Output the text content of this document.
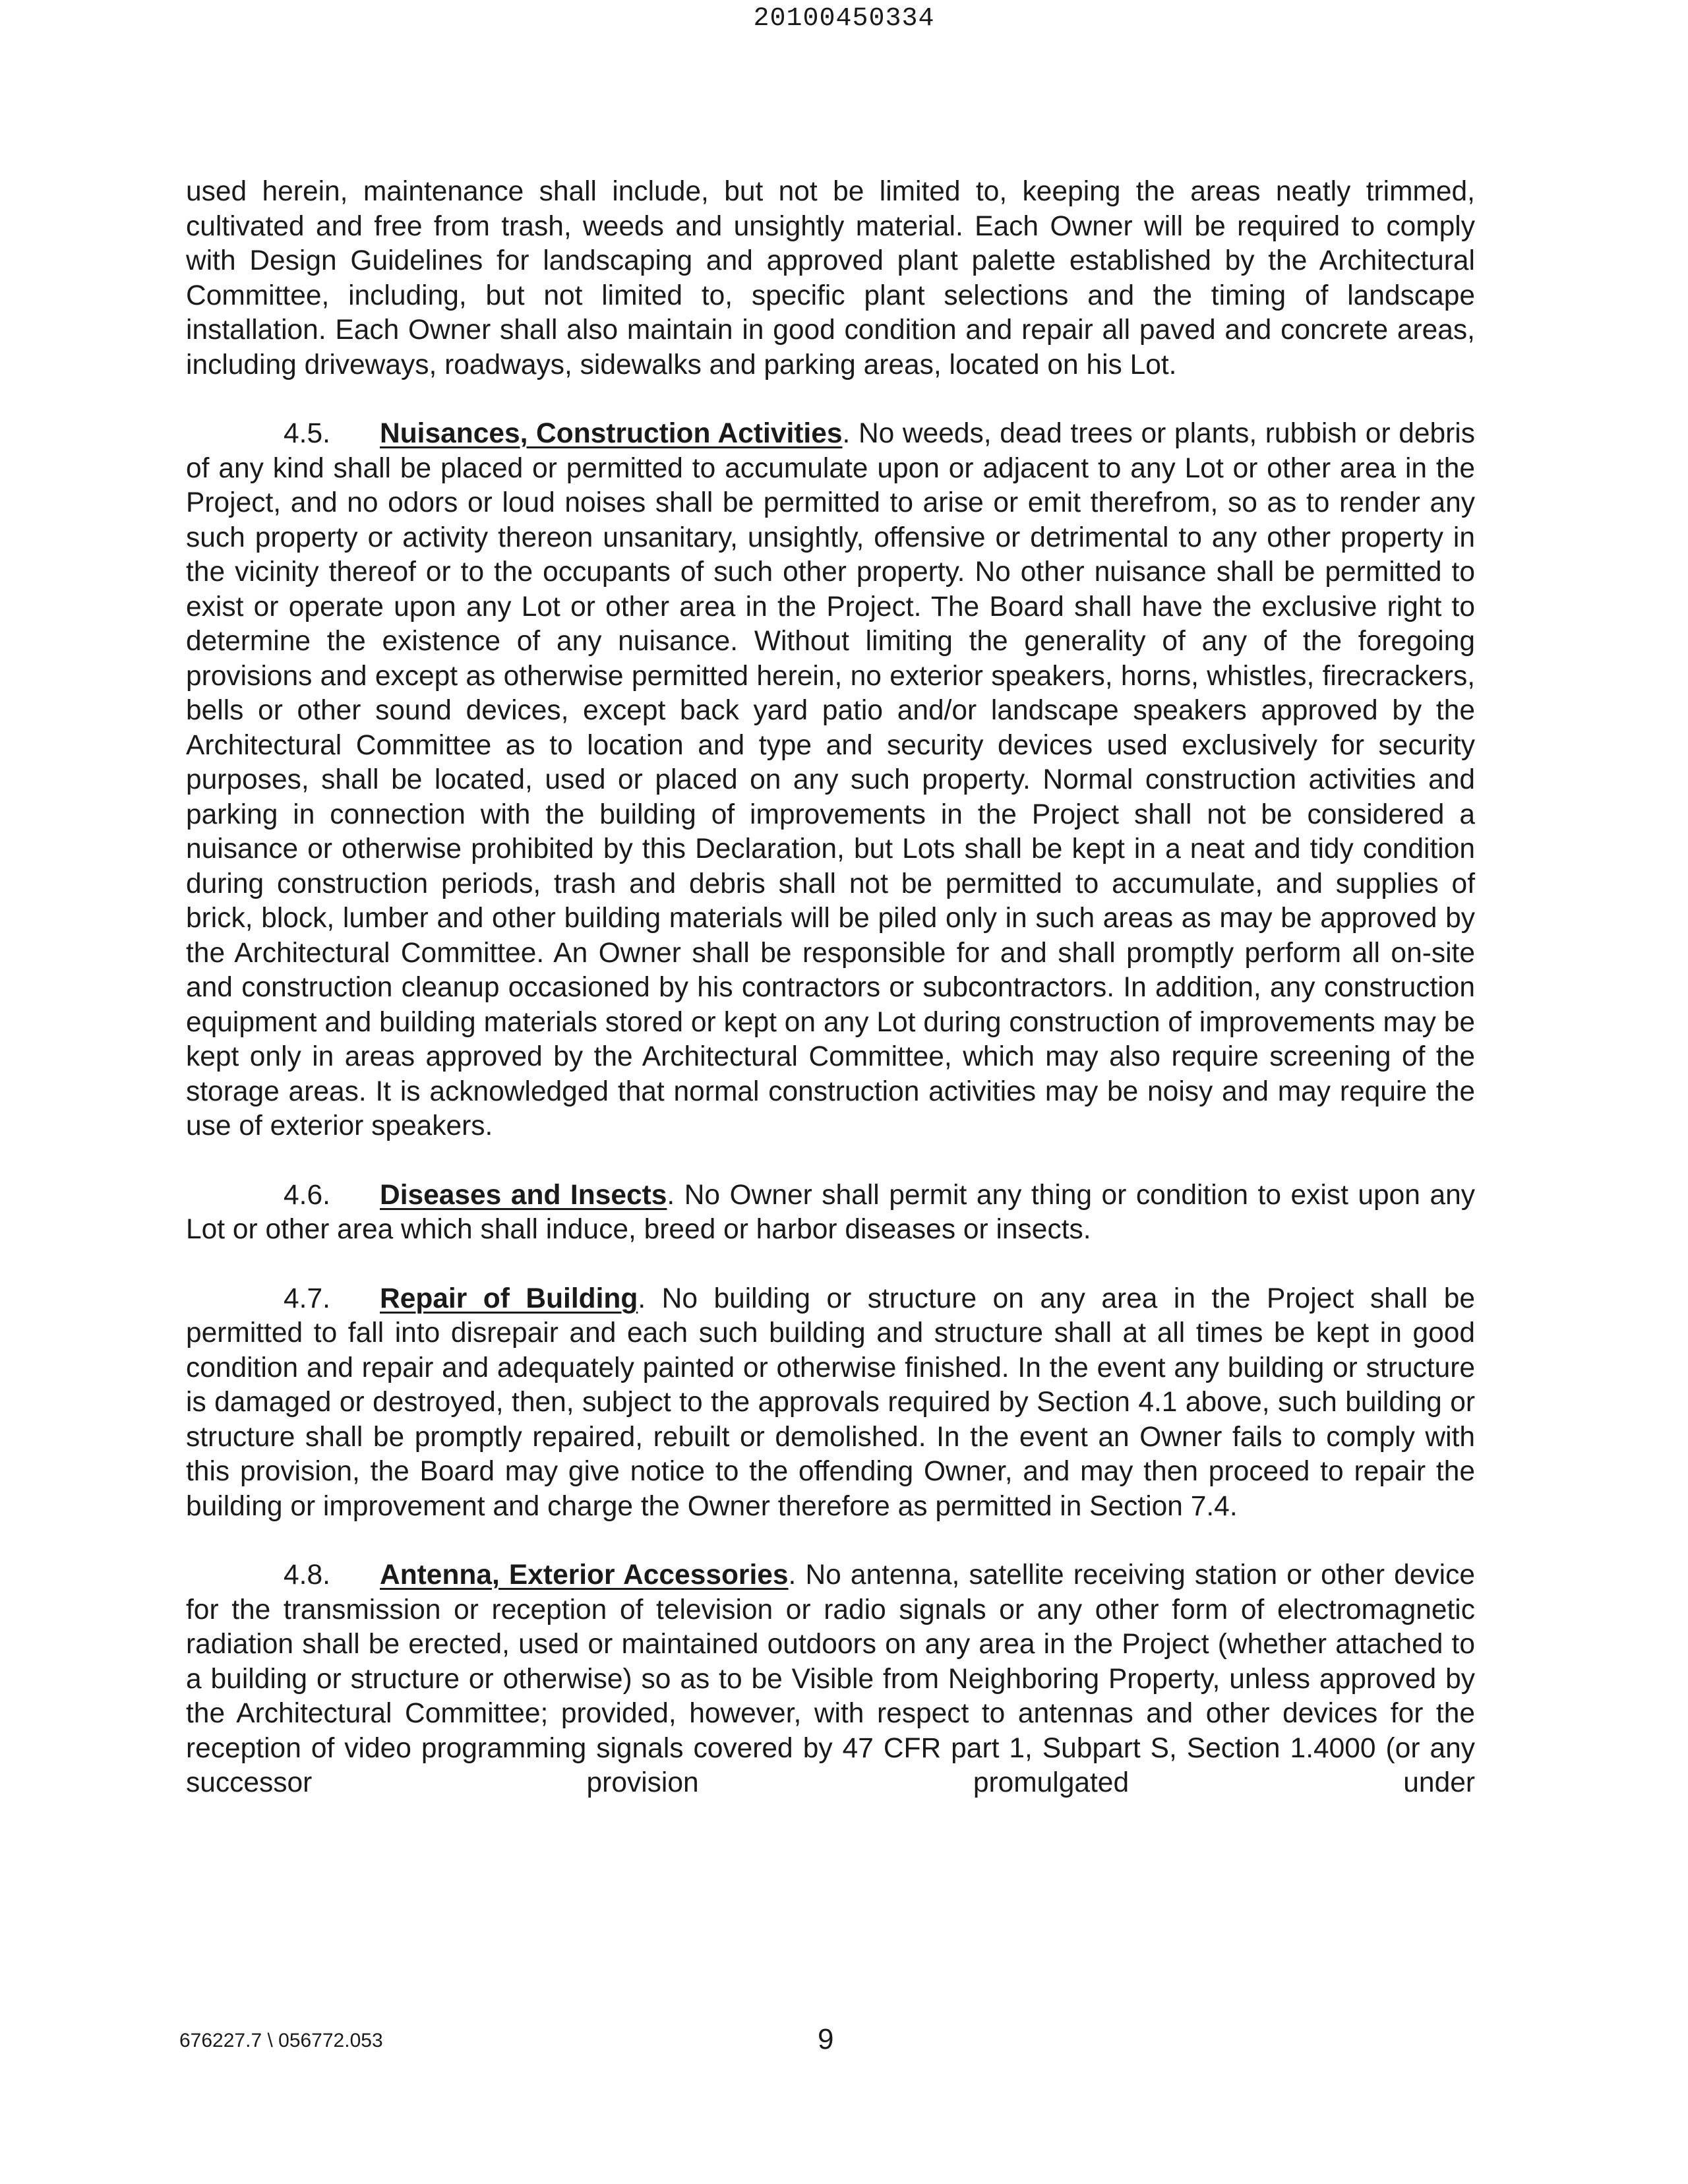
20100450334

used herein, maintenance shall include, but not be limited to, keeping the areas neatly trimmed, cultivated and free from trash, weeds and unsightly material. Each Owner will be required to comply with Design Guidelines for landscaping and approved plant palette established by the Architectural Committee, including, but not limited to, specific plant selections and the timing of landscape installation. Each Owner shall also maintain in good condition and repair all paved and concrete areas, including driveways, roadways, sidewalks and parking areas, located on his Lot.

4.5. Nuisances, Construction Activities. No weeds, dead trees or plants, rubbish or debris of any kind shall be placed or permitted to accumulate upon or adjacent to any Lot or other area in the Project, and no odors or loud noises shall be permitted to arise or emit therefrom, so as to render any such property or activity thereon unsanitary, unsightly, offensive or detrimental to any other property in the vicinity thereof or to the occupants of such other property. No other nuisance shall be permitted to exist or operate upon any Lot or other area in the Project. The Board shall have the exclusive right to determine the existence of any nuisance. Without limiting the generality of any of the foregoing provisions and except as otherwise permitted herein, no exterior speakers, horns, whistles, firecrackers, bells or other sound devices, except back yard patio and/or landscape speakers approved by the Architectural Committee as to location and type and security devices used exclusively for security purposes, shall be located, used or placed on any such property. Normal construction activities and parking in connection with the building of improvements in the Project shall not be considered a nuisance or otherwise prohibited by this Declaration, but Lots shall be kept in a neat and tidy condition during construction periods, trash and debris shall not be permitted to accumulate, and supplies of brick, block, lumber and other building materials will be piled only in such areas as may be approved by the Architectural Committee. An Owner shall be responsible for and shall promptly perform all on-site and construction cleanup occasioned by his contractors or subcontractors. In addition, any construction equipment and building materials stored or kept on any Lot during construction of improvements may be kept only in areas approved by the Architectural Committee, which may also require screening of the storage areas. It is acknowledged that normal construction activities may be noisy and may require the use of exterior speakers.

4.6. Diseases and Insects. No Owner shall permit any thing or condition to exist upon any Lot or other area which shall induce, breed or harbor diseases or insects.

4.7. Repair of Building. No building or structure on any area in the Project shall be permitted to fall into disrepair and each such building and structure shall at all times be kept in good condition and repair and adequately painted or otherwise finished. In the event any building or structure is damaged or destroyed, then, subject to the approvals required by Section 4.1 above, such building or structure shall be promptly repaired, rebuilt or demolished. In the event an Owner fails to comply with this provision, the Board may give notice to the offending Owner, and may then proceed to repair the building or improvement and charge the Owner therefore as permitted in Section 7.4.

4.8. Antenna, Exterior Accessories. No antenna, satellite receiving station or other device for the transmission or reception of television or radio signals or any other form of electromagnetic radiation shall be erected, used or maintained outdoors on any area in the Project (whether attached to a building or structure or otherwise) so as to be Visible from Neighboring Property, unless approved by the Architectural Committee; provided, however, with respect to antennas and other devices for the reception of video programming signals covered by 47 CFR part 1, Subpart S, Section 1.4000 (or any successor provision promulgated under

676227.7 \ 056772.053	9
